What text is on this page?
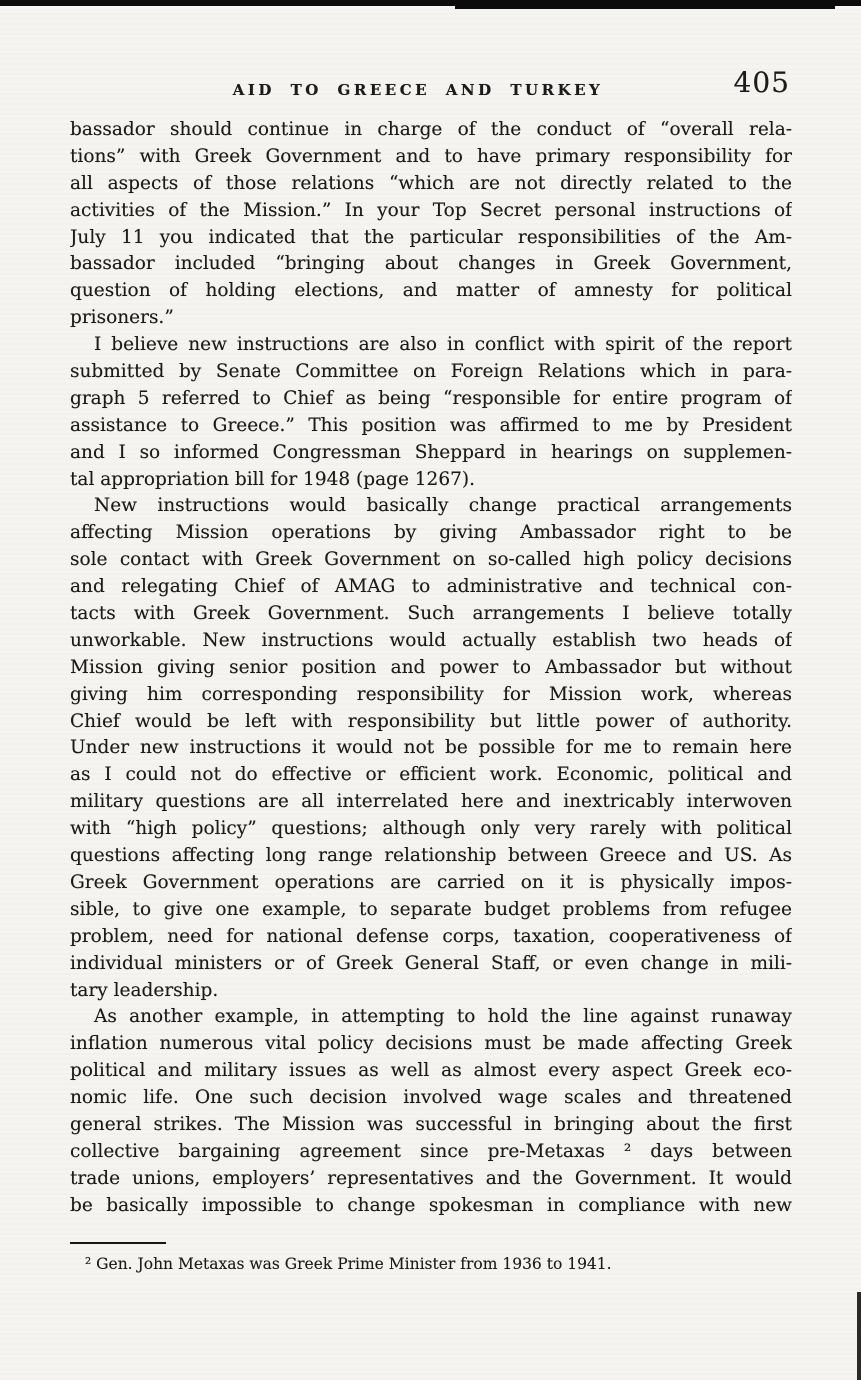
AID TO GREECE AND TURKEY	405
bassador should continue in charge of the conduct of “overall rela-
tions” with Greek Government and to have primary responsibility for
all aspects of those relations “which are not directly related to the
activities of the Mission.” In your Top Secret personal instructions of
July 11 you indicated that the particular responsibilities of the Am-
bassador included “bringing about changes in Greek Government,
question of holding elections, and matter of amnesty for political
prisoners.”
I believe new instructions are also in conflict with spirit of the report
submitted by Senate Committee on Foreign Relations which in para-
graph 5 referred to Chief as being “responsible for entire program of
assistance to Greece.” This position was affirmed to me by President
and I so informed Congressman Sheppard in hearings on supplemen-
tal appropriation bill for 1948 (page 1267).
New instructions would basically change practical arrangements
affecting Mission operations by giving Ambassador right to be
sole contact with Greek Government on so-called high policy decisions
and relegating Chief of AMAG to administrative and technical con-
tacts with Greek Government. Such arrangements I believe totally
unworkable. New instructions would actually establish two heads of
Mission giving senior position and power to Ambassador but without
giving him corresponding responsibility for Mission work, whereas
Chief would be left with responsibility but little power of authority.
Under new instructions it would not be possible for me to remain here
as I could not do effective or efficient work. Economic, political and
military questions are all interrelated here and inextricably interwoven
with “high policy” questions; although only very rarely with political
questions affecting long range relationship between Greece and US. As
Greek Government operations are carried on it is physically impos-
sible, to give one example, to separate budget problems from refugee
problem, need for national defense corps, taxation, cooperativeness of
individual ministers or of Greek General Staff, or even change in mili-
tary leadership.
As another example, in attempting to hold the line against runaway
inflation numerous vital policy decisions must be made affecting Greek
political and military issues as well as almost every aspect Greek eco-
nomic life. One such decision involved wage scales and threatened
general strikes. The Mission was successful in bringing about the first
collective bargaining agreement since pre-Metaxas ² days between
trade unions, employers’ representatives and the Government. It would
be basically impossible to change spokesman in compliance with new
² Gen. John Metaxas was Greek Prime Minister from 1936 to 1941.
